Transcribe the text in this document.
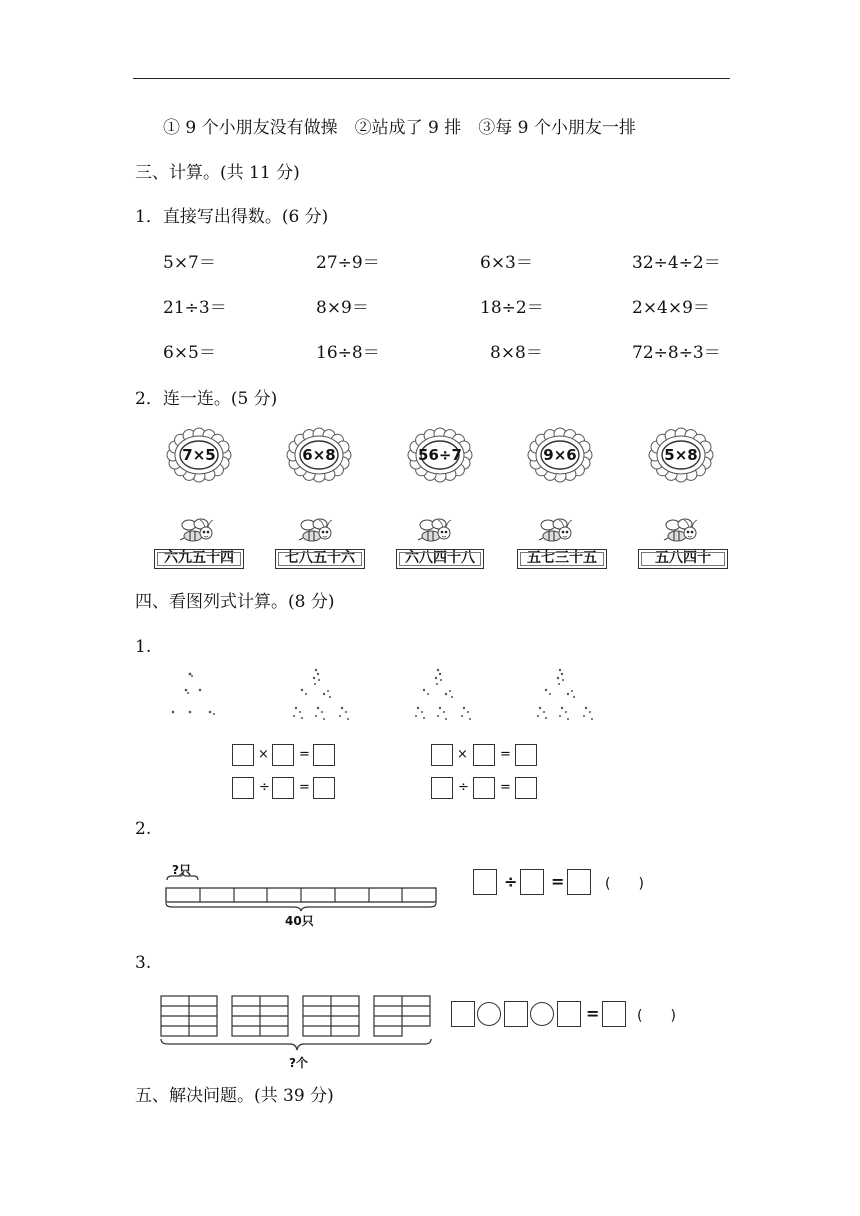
① 9 个小朋友没有做操　②站成了 9 排　③每 9 个小朋友一排
三、计算。(共 11 分)
1．直接写出得数。(6 分)
5×7＝	27÷9＝	6×3＝	32÷4÷2＝
21÷3＝	8×9＝	18÷2＝	2×4×9＝
6×5＝	16÷8＝	8×8＝	72÷8÷3＝
2．连一连。(5 分)
7×5	6×8	56÷7	9×6	5×8
六九五十四	七八五十六	六八四十八	五七三十五	五八四十
四、看图列式计算。(8 分)
1.
× =
÷ =
× =
÷ =
2.
?只
40只
÷ =	(　　)
3.
?个
=	(　　)
五、解决问题。(共 39 分)
